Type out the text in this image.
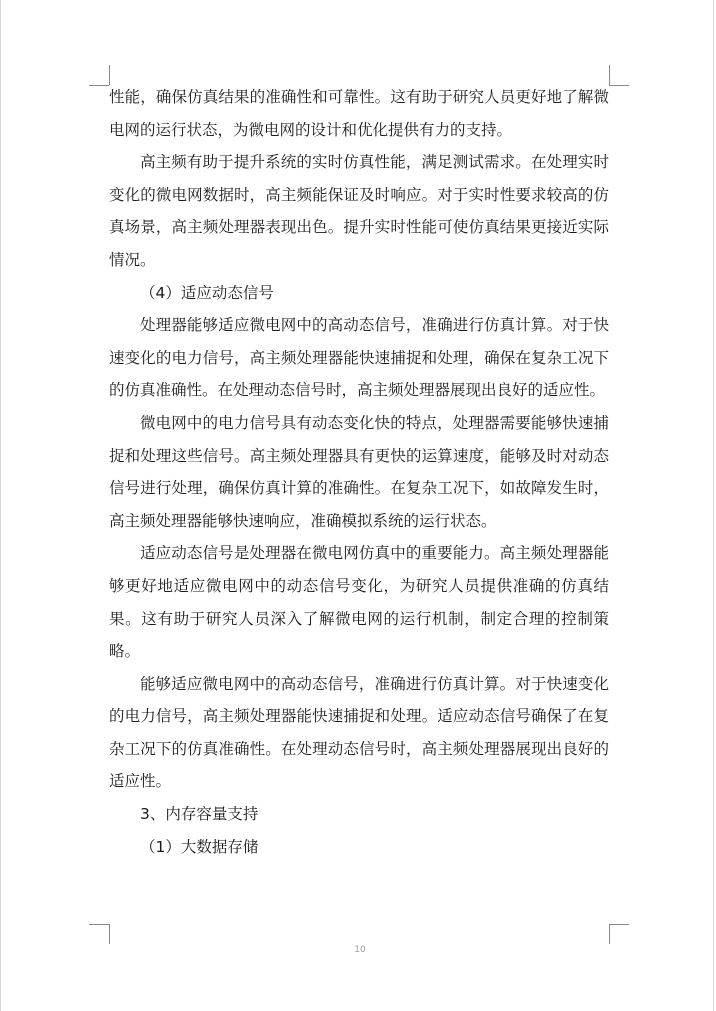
性能，确保仿真结果的准确性和可靠性。这有助于研究人员更好地了解微电网的运行状态，为微电网的设计和优化提供有力的支持。

高主频有助于提升系统的实时仿真性能，满足测试需求。在处理实时变化的微电网数据时，高主频能保证及时响应。对于实时性要求较高的仿真场景，高主频处理器表现出色。提升实时性能可使仿真结果更接近实际情况。

（4）适应动态信号

处理器能够适应微电网中的高动态信号，准确进行仿真计算。对于快速变化的电力信号，高主频处理器能快速捕捉和处理，确保在复杂工况下的仿真准确性。在处理动态信号时，高主频处理器展现出良好的适应性。

微电网中的电力信号具有动态变化快的特点，处理器需要能够快速捕捉和处理这些信号。高主频处理器具有更快的运算速度，能够及时对动态信号进行处理，确保仿真计算的准确性。在复杂工况下，如故障发生时，高主频处理器能够快速响应，准确模拟系统的运行状态。

适应动态信号是处理器在微电网仿真中的重要能力。高主频处理器能够更好地适应微电网中的动态信号变化，为研究人员提供准确的仿真结果。这有助于研究人员深入了解微电网的运行机制，制定合理的控制策略。

能够适应微电网中的高动态信号，准确进行仿真计算。对于快速变化的电力信号，高主频处理器能快速捕捉和处理。适应动态信号确保了在复杂工况下的仿真准确性。在处理动态信号时，高主频处理器展现出良好的适应性。

3、内存容量支持

（1）大数据存储

10
